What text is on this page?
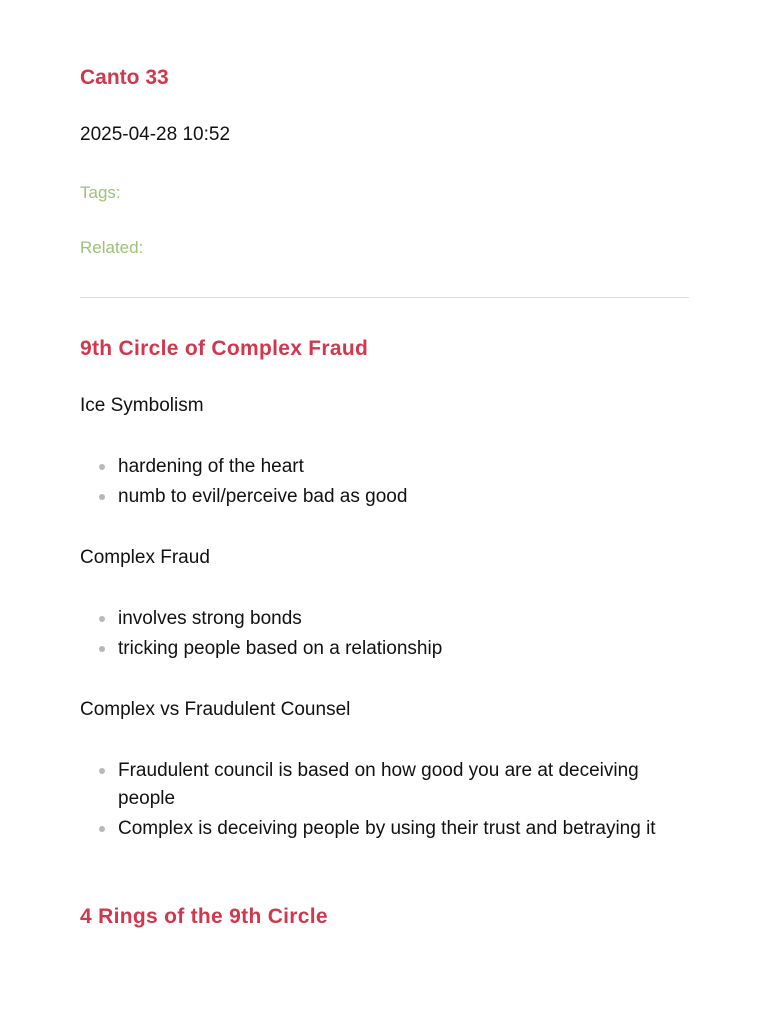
Canto 33

2025-04-28 10:52

Tags:

Related:

9th Circle of Complex Fraud

Ice Symbolism

hardening of the heart
numb to evil/perceive bad as good

Complex Fraud

involves strong bonds
tricking people based on a relationship

Complex vs Fraudulent Counsel

Fraudulent council is based on how good you are at deceiving people
Complex is deceiving people by using their trust and betraying it
4 Rings of the 9th Circle
